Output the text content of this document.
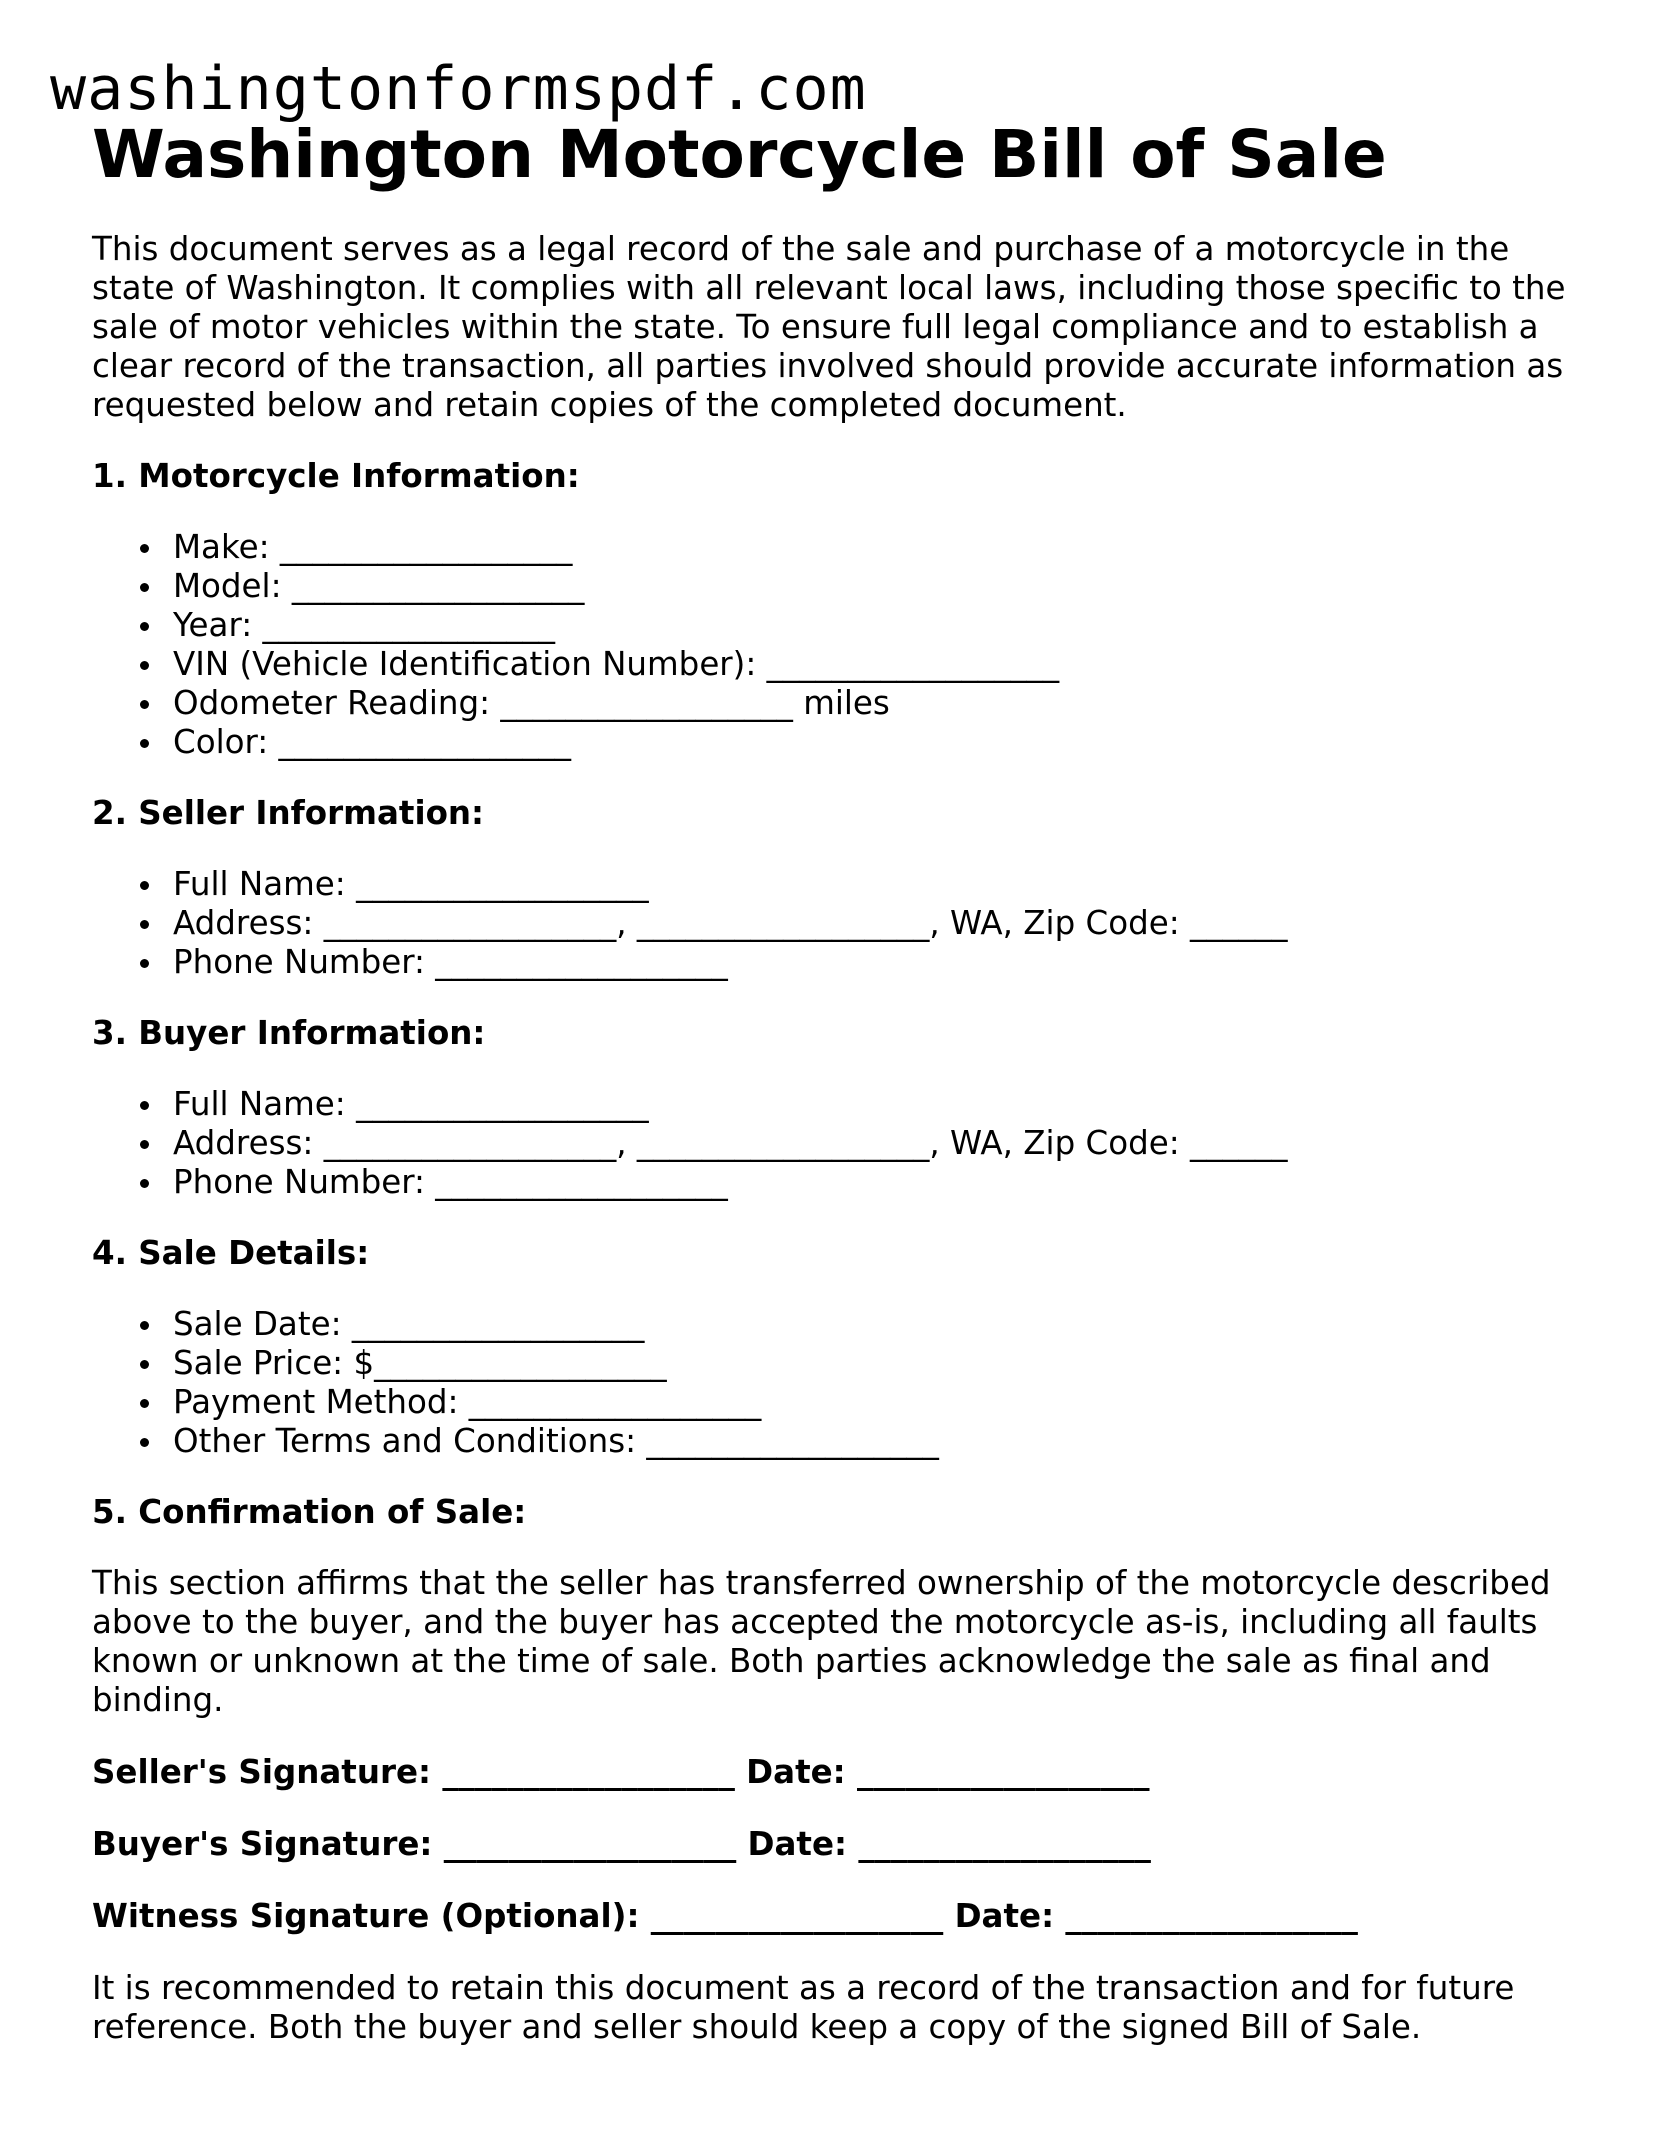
washingtonformspdf.com
Washington Motorcycle Bill of Sale

This document serves as a legal record of the sale and purchase of a motorcycle in the state of Washington. It complies with all relevant local laws, including those specific to the sale of motor vehicles within the state. To ensure full legal compliance and to establish a clear record of the transaction, all parties involved should provide accurate information as requested below and retain copies of the completed document.

1. Motorcycle Information:
Make: __________________
Model: __________________
Year: __________________
VIN (Vehicle Identification Number): __________________
Odometer Reading: __________________ miles
Color: __________________
2. Seller Information:
Full Name: __________________
Address: __________________, __________________, WA, Zip Code: ______
Phone Number: __________________
3. Buyer Information:
Full Name: __________________
Address: __________________, __________________, WA, Zip Code: ______
Phone Number: __________________
4. Sale Details:
Sale Date: __________________
Sale Price: $__________________
Payment Method: __________________
Other Terms and Conditions: __________________
5. Confirmation of Sale:

This section affirms that the seller has transferred ownership of the motorcycle described above to the buyer, and the buyer has accepted the motorcycle as-is, including all faults known or unknown at the time of sale. Both parties acknowledge the sale as final and binding.

Seller's Signature: __________________ Date: __________________
Buyer's Signature: __________________ Date: __________________
Witness Signature (Optional): __________________ Date: __________________

It is recommended to retain this document as a record of the transaction and for future reference. Both the buyer and seller should keep a copy of the signed Bill of Sale.
